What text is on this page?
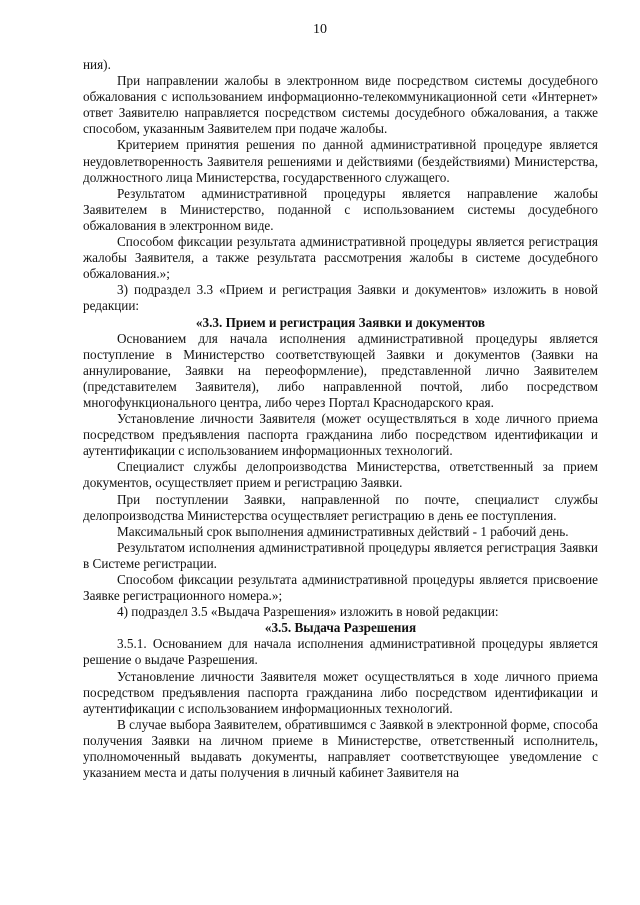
10

ния).

При направлении жалобы в электронном виде посредством системы досудебного обжалования с использованием информационно-телекоммуникационной сети «Интернет» ответ Заявителю направляется посредством системы досудебного обжалования, а также способом, указанным Заявителем при подаче жалобы.

Критерием принятия решения по данной административной процедуре является неудовлетворенность Заявителя решениями и действиями (бездействиями) Министерства, должностного лица Министерства, государственного служащего.

Результатом административной процедуры является направление жалобы Заявителем в Министерство, поданной с использованием системы досудебного обжалования в электронном виде.

Способом фиксации результата административной процедуры является регистрация жалобы Заявителя, а также результата рассмотрения жалобы в системе досудебного обжалования.»;

3) подраздел 3.3 «Прием и регистрация Заявки и документов» изложить в новой редакции:

«3.3. Прием и регистрация Заявки и документов

Основанием для начала исполнения административной процедуры является поступление в Министерство соответствующей Заявки и документов (Заявки на аннулирование, Заявки на переоформление), представленной лично Заявителем (представителем Заявителя), либо направленной почтой, либо посредством многофункционального центра, либо через Портал Краснодарского края.

Установление личности Заявителя (может осуществляться в ходе личного приема посредством предъявления паспорта гражданина либо посредством идентификации и аутентификации с использованием информационных технологий.

Специалист службы делопроизводства Министерства, ответственный за прием документов, осуществляет прием и регистрацию Заявки.

При поступлении Заявки, направленной по почте, специалист службы делопроизводства Министерства осуществляет регистрацию в день ее поступления.

Максимальный срок выполнения административных действий - 1 рабочий день.

Результатом исполнения административной процедуры является регистрация Заявки в Системе регистрации.

Способом фиксации результата административной процедуры является присвоение Заявке регистрационного номера.»;

4) подраздел 3.5 «Выдача Разрешения» изложить в новой редакции:

«3.5. Выдача Разрешения

3.5.1. Основанием для начала исполнения административной процедуры является решение о выдаче Разрешения.

Установление личности Заявителя может осуществляться в ходе личного приема посредством предъявления паспорта гражданина либо посредством идентификации и аутентификации с использованием информационных технологий.

В случае выбора Заявителем, обратившимся с Заявкой в электронной форме, способа получения Заявки на личном приеме в Министерстве, ответственный исполнитель, уполномоченный выдавать документы, направляет соответствующее уведомление с указанием места и даты получения в личный кабинет Заявителя на
